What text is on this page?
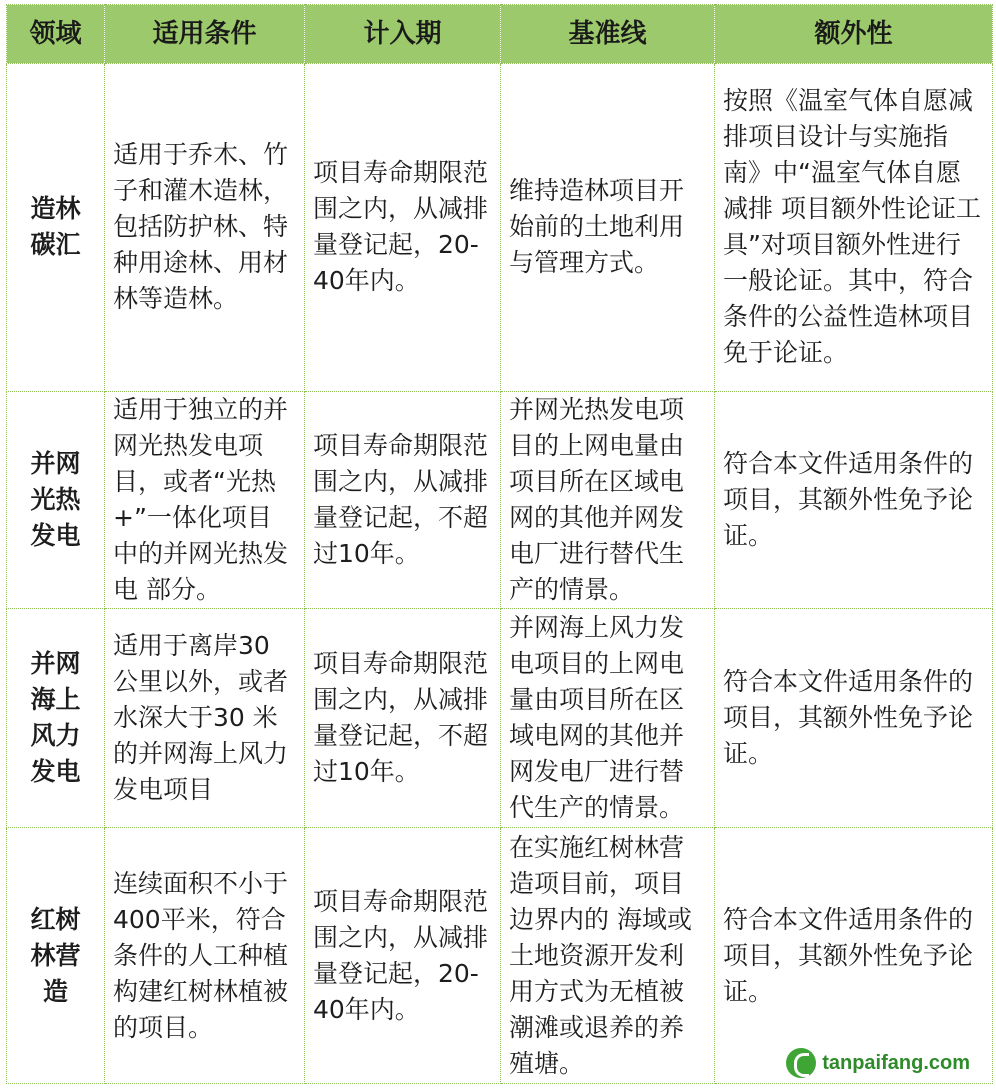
领域	适用条件	计入期	基准线	额外性
造林碳汇	适用于乔木、竹子和灌木造林，包括防护林、特种用途林、用材林等造林。	项目寿命期限范围之内，从减排量登记起，20-40年内。	维持造林项目开始前的土地利用与管理方式。	按照《温室气体自愿减排项目设计与实施指南》中“温室气体自愿减排 项目额外性论证工具”对项目额外性进行一般论证。其中，符合条件的公益性造林项目免于论证。
并网光热发电	适用于独立的并网光热发电项目，或者“光热+”一体化项目中的并网光热发电 部分。	项目寿命期限范围之内，从减排量登记起，不超过10年。	并网光热发电项目的上网电量由项目所在区域电网的其他并网发电厂进行替代生产的情景。	符合本文件适用条件的项目，其额外性免予论证。
并网海上风力发电	适用于离岸30 公里以外，或者水深大于30 米的并网海上风力发电项目	项目寿命期限范围之内，从减排量登记起，不超过10年。	并网海上风力发电项目的上网电量由项目所在区域电网的其他并网发电厂进行替代生产的情景。	符合本文件适用条件的项目，其额外性免予论证。
红树林营造	连续面积不小于400平米，符合条件的人工种植构建红树林植被的项目。	项目寿命期限范围之内，从减排量登记起，20-40年内。	在实施红树林营造项目前，项目边界内的 海域或土地资源开发利用方式为无植被潮滩或退养的养殖塘。	符合本文件适用条件的项目，其额外性免予论证。
tanpaifang.com
